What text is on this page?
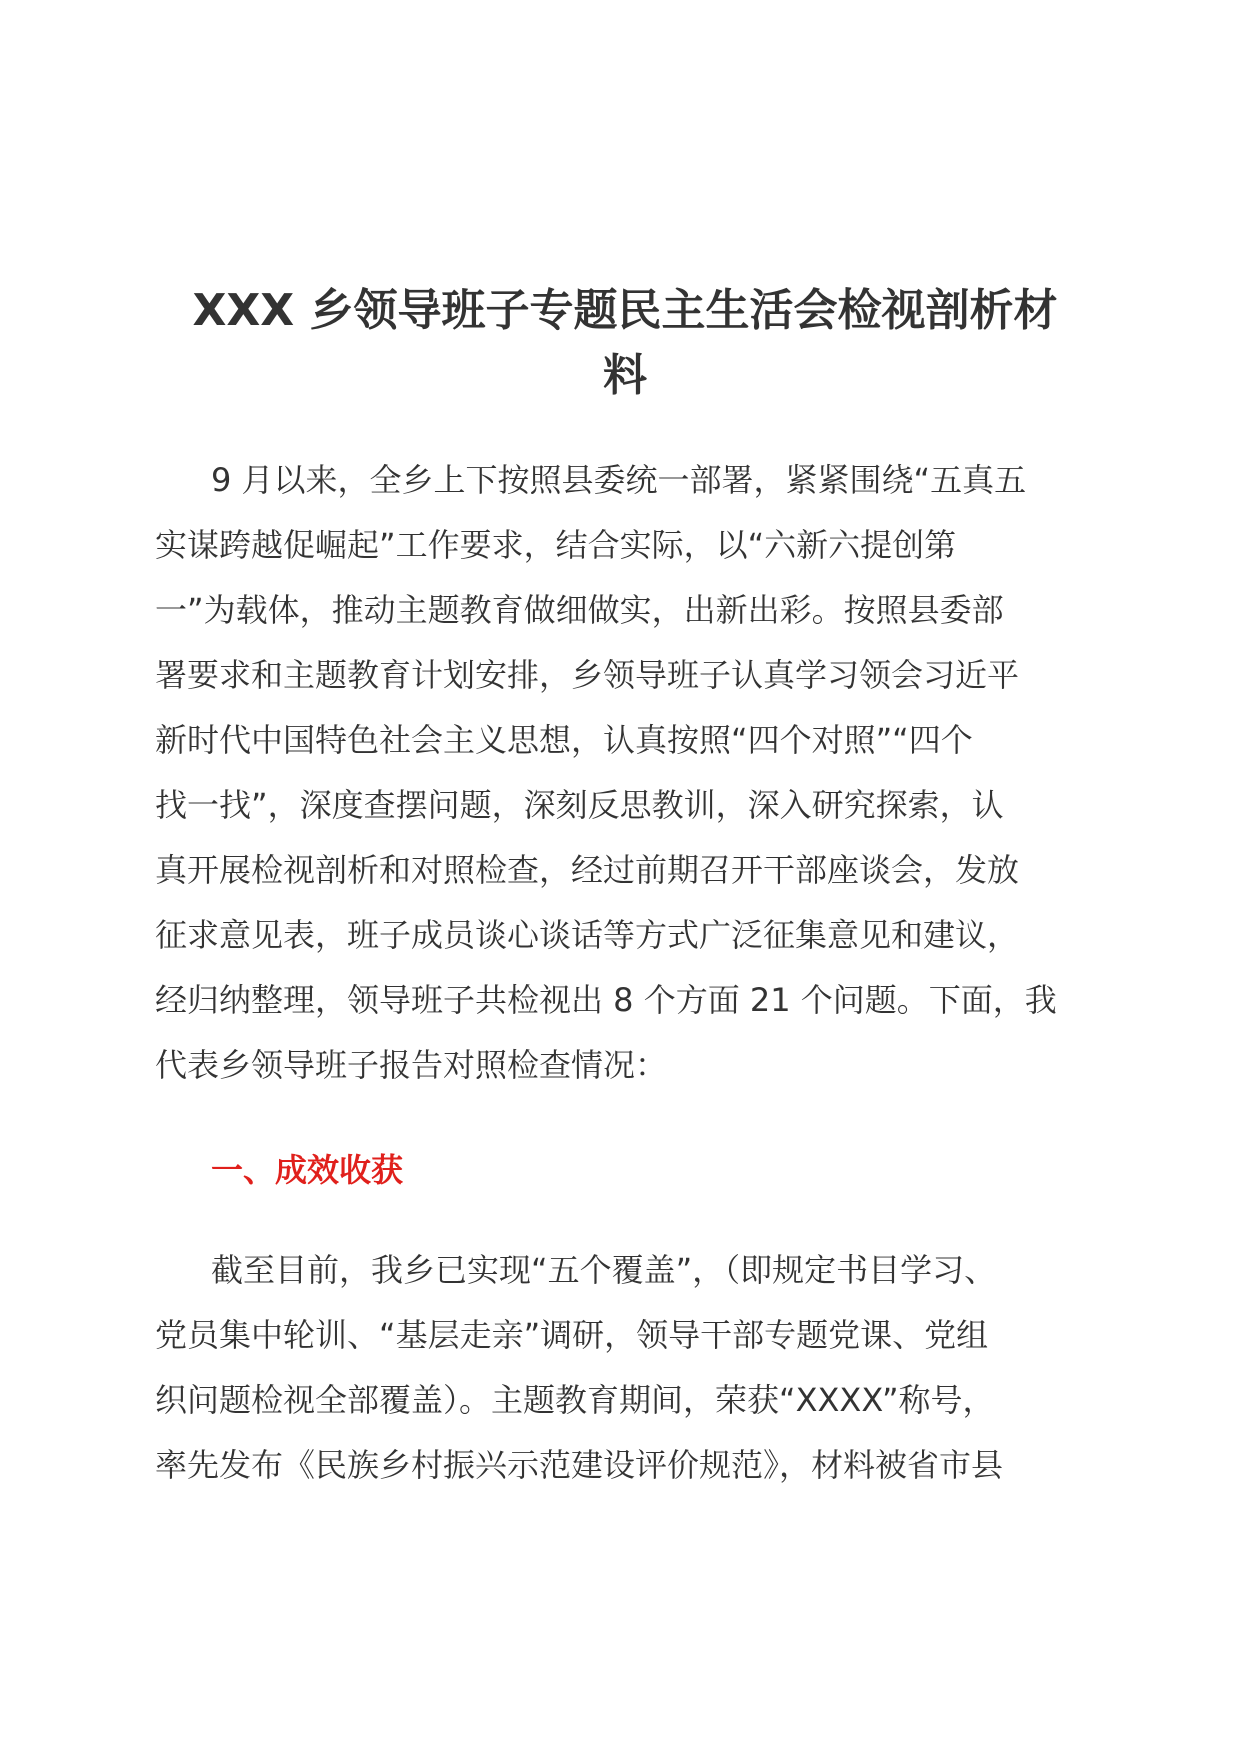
XXX 乡领导班子专题民主生活会检视剖析材
料
9 月以来，全乡上下按照县委统一部署，紧紧围绕“五真五
实谋跨越促崛起”工作要求，结合实际，以“六新六提创第
一”为载体，推动主题教育做细做实，出新出彩。按照县委部
署要求和主题教育计划安排，乡领导班子认真学习领会习近平
新时代中国特色社会主义思想，认真按照“四个对照”“四个
找一找”，深度查摆问题，深刻反思教训，深入研究探索，认
真开展检视剖析和对照检查，经过前期召开干部座谈会，发放
征求意见表，班子成员谈心谈话等方式广泛征集意见和建议，
经归纳整理，领导班子共检视出 8 个方面 21 个问题。下面，我
代表乡领导班子报告对照检查情况：
一、成效收获
截至目前，我乡已实现“五个覆盖”，（即规定书目学习、
党员集中轮训、“基层走亲”调研，领导干部专题党课、党组
织问题检视全部覆盖）。主题教育期间，荣获“XXXX”称号，
率先发布《民族乡村振兴示范建设评价规范》，材料被省市县
